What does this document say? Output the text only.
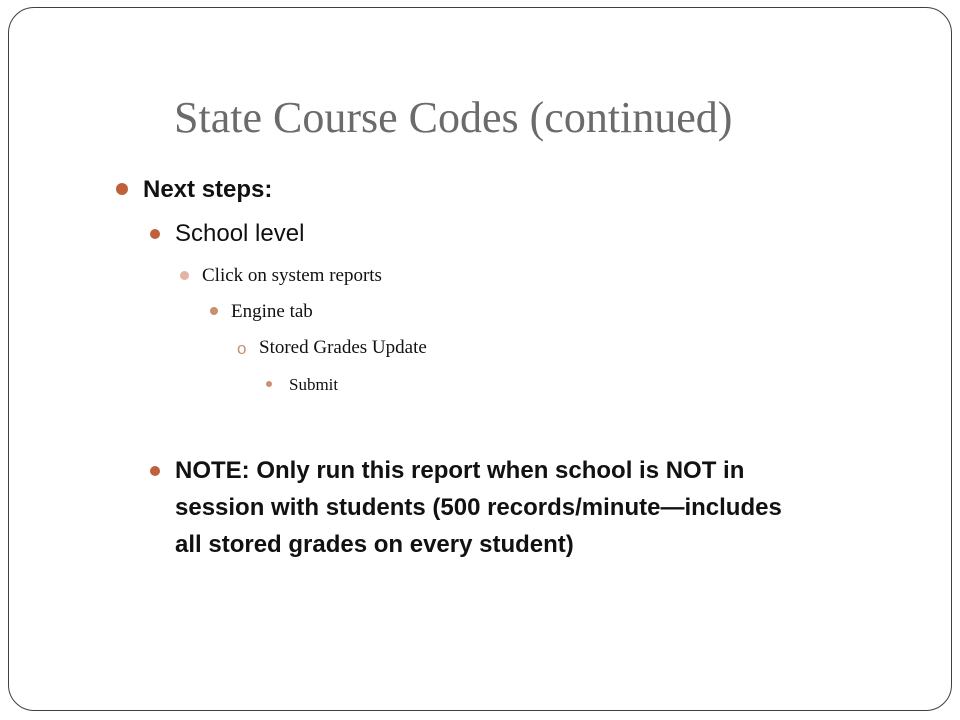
State Course Codes (continued)
Next steps:
School level
Click on system reports
Engine tab
o Stored Grades Update
Submit
NOTE: Only run this report when school is NOT in
session with students (500 records/minute—includes
all stored grades on every student)
